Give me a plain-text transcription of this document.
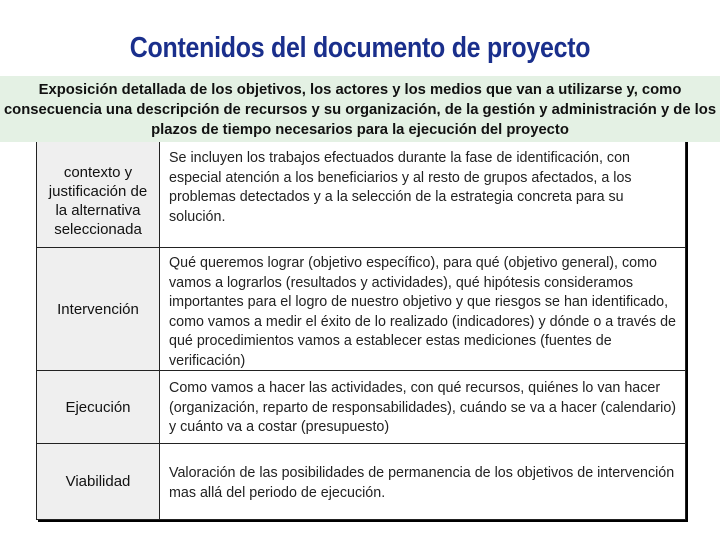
Contenidos del documento de proyecto
contexto y justificación de la alternativa seleccionada
Se incluyen los trabajos efectuados durante la fase de identificación, con especial atención a los beneficiarios y al resto de grupos afectados, a los problemas detectados y a la selección de la estrategia concreta para su solución.
Intervención
Qué queremos lograr (objetivo específico), para qué (objetivo general), como vamos a lograrlos (resultados y actividades), qué hipótesis consideramos importantes para el logro de nuestro objetivo y que riesgos se han identificado, como vamos a medir el éxito de lo realizado (indicadores) y dónde o a través de qué procedimientos vamos a establecer estas mediciones (fuentes de verificación)
Ejecución
Como vamos a hacer las actividades, con qué recursos, quiénes lo van hacer (organización, reparto de responsabilidades), cuándo se va a hacer (calendario) y cuánto va a costar (presupuesto)
Viabilidad	Valoración de las posibilidades de permanencia de los objetivos de intervención mas allá del periodo de ejecución.
Exposición detallada de los objetivos, los actores y los medios que van a utilizarse y, como consecuencia una descripción de recursos y su organización, de la gestión y administración y de los plazos de tiempo necesarios para la ejecución del proyecto
